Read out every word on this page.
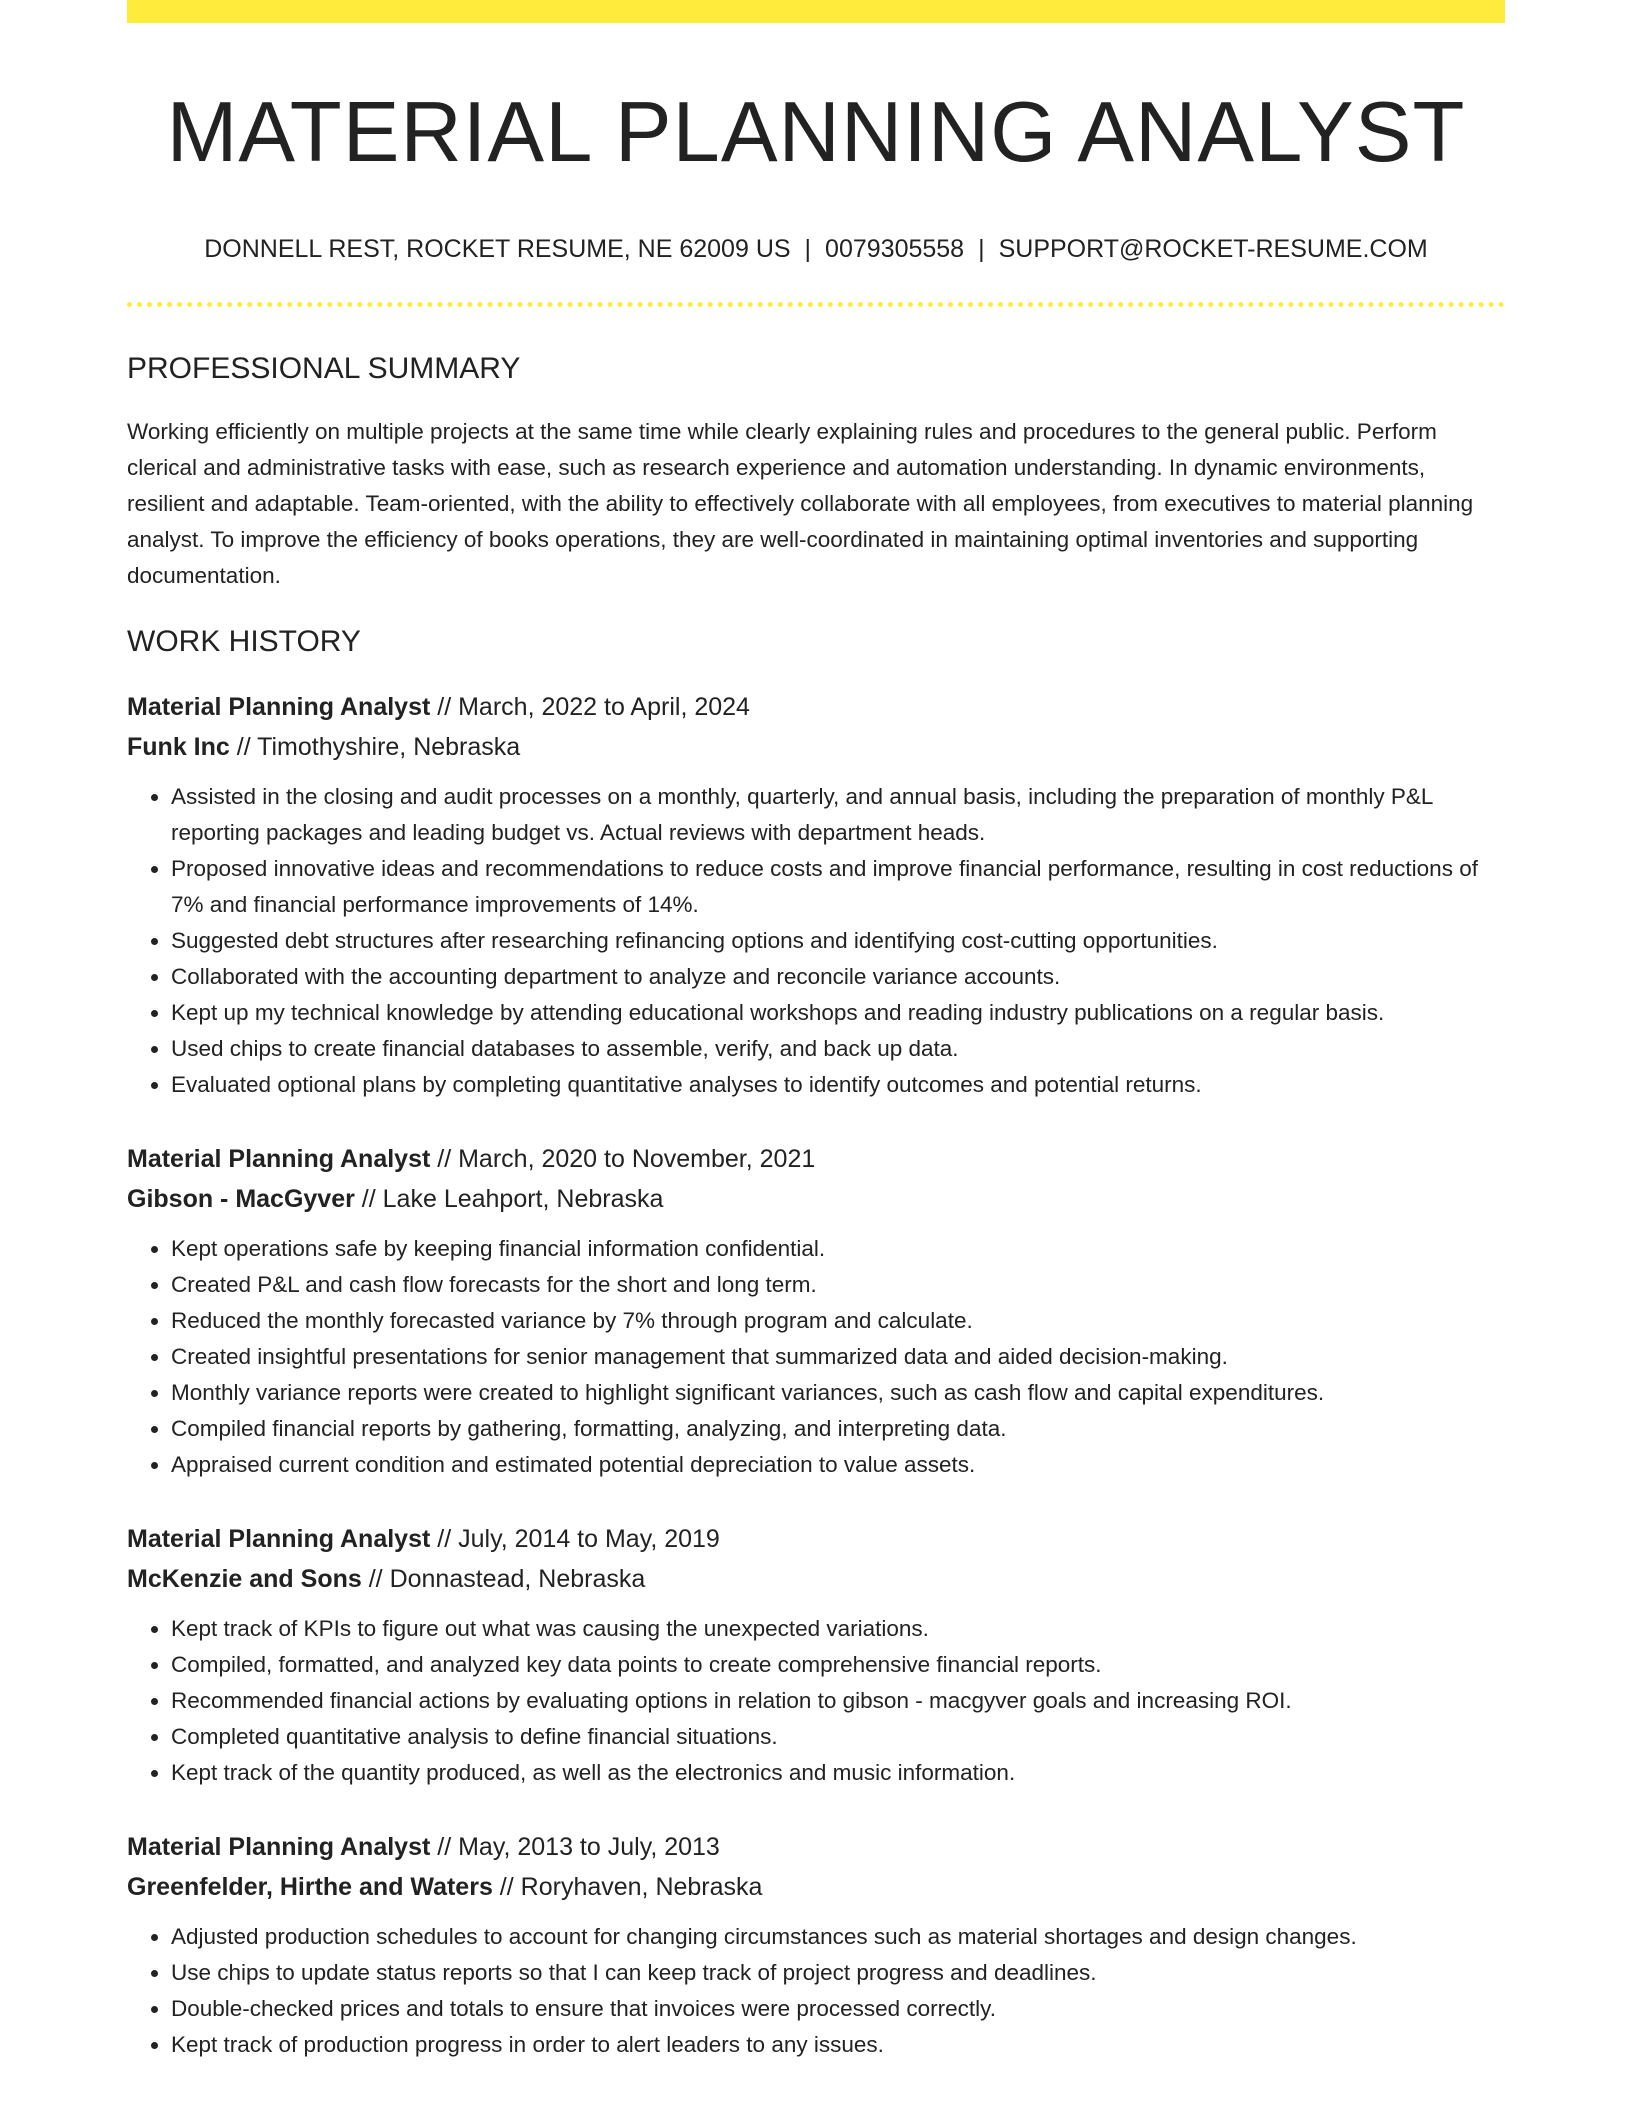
MATERIAL PLANNING ANALYST
DONNELL REST, ROCKET RESUME, NE 62009 US | 0079305558 | SUPPORT@ROCKET-RESUME.COM
PROFESSIONAL SUMMARY

Working efficiently on multiple projects at the same time while clearly explaining rules and procedures to the general public. Perform clerical and administrative tasks with ease, such as research experience and automation understanding. In dynamic environments, resilient and adaptable. Team-oriented, with the ability to effectively collaborate with all employees, from executives to material planning analyst. To improve the efficiency of books operations, they are well-coordinated in maintaining optimal inventories and supporting documentation.

WORK HISTORY
Material Planning Analyst // March, 2022 to April, 2024
Funk Inc // Timothyshire, Nebraska
• Assisted in the closing and audit processes on a monthly, quarterly, and annual basis, including the preparation of monthly P&L reporting packages and leading budget vs. Actual reviews with department heads.
• Proposed innovative ideas and recommendations to reduce costs and improve financial performance, resulting in cost reductions of 7% and financial performance improvements of 14%.
• Suggested debt structures after researching refinancing options and identifying cost-cutting opportunities.
• Collaborated with the accounting department to analyze and reconcile variance accounts.
• Kept up my technical knowledge by attending educational workshops and reading industry publications on a regular basis.
• Used chips to create financial databases to assemble, verify, and back up data.
• Evaluated optional plans by completing quantitative analyses to identify outcomes and potential returns.
Material Planning Analyst // March, 2020 to November, 2021
Gibson - MacGyver // Lake Leahport, Nebraska
• Kept operations safe by keeping financial information confidential.
• Created P&L and cash flow forecasts for the short and long term.
• Reduced the monthly forecasted variance by 7% through program and calculate.
• Created insightful presentations for senior management that summarized data and aided decision-making.
• Monthly variance reports were created to highlight significant variances, such as cash flow and capital expenditures.
• Compiled financial reports by gathering, formatting, analyzing, and interpreting data.
• Appraised current condition and estimated potential depreciation to value assets.
Material Planning Analyst // July, 2014 to May, 2019
McKenzie and Sons // Donnastead, Nebraska
• Kept track of KPIs to figure out what was causing the unexpected variations.
• Compiled, formatted, and analyzed key data points to create comprehensive financial reports.
• Recommended financial actions by evaluating options in relation to gibson - macgyver goals and increasing ROI.
• Completed quantitative analysis to define financial situations.
• Kept track of the quantity produced, as well as the electronics and music information.
Material Planning Analyst // May, 2013 to July, 2013
Greenfelder, Hirthe and Waters // Roryhaven, Nebraska
• Adjusted production schedules to account for changing circumstances such as material shortages and design changes.
• Use chips to update status reports so that I can keep track of project progress and deadlines.
• Double-checked prices and totals to ensure that invoices were processed correctly.
• Kept track of production progress in order to alert leaders to any issues.
